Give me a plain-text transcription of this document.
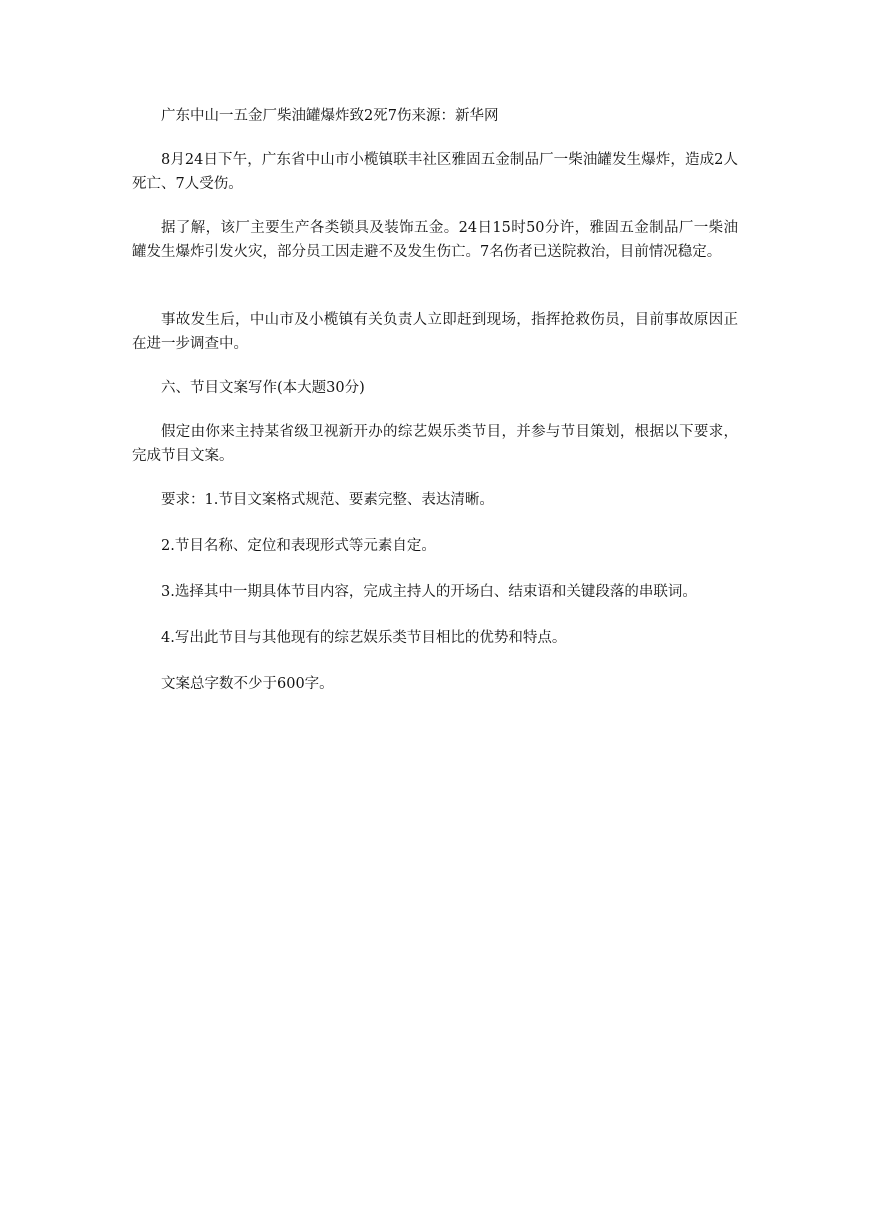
广东中山一五金厂柴油罐爆炸致2死7伤来源：新华网

8月24日下午，广东省中山市小榄镇联丰社区雅固五金制品厂一柴油罐发生爆炸，造成2人死亡、7人受伤。

据了解，该厂主要生产各类锁具及装饰五金。24日15时50分许，雅固五金制品厂一柴油罐发生爆炸引发火灾，部分员工因走避不及发生伤亡。7名伤者已送院救治，目前情况稳定。

事故发生后，中山市及小榄镇有关负责人立即赶到现场，指挥抢救伤员，目前事故原因正在进一步调查中。

六、节目文案写作(本大题30分)

假定由你来主持某省级卫视新开办的综艺娱乐类节目，并参与节目策划，根据以下要求，完成节目文案。

要求：1.节目文案格式规范、要素完整、表达清晰。

2.节目名称、定位和表现形式等元素自定。

3.选择其中一期具体节目内容，完成主持人的开场白、结束语和关键段落的串联词。

4.写出此节目与其他现有的综艺娱乐类节目相比的优势和特点。

文案总字数不少于600字。
